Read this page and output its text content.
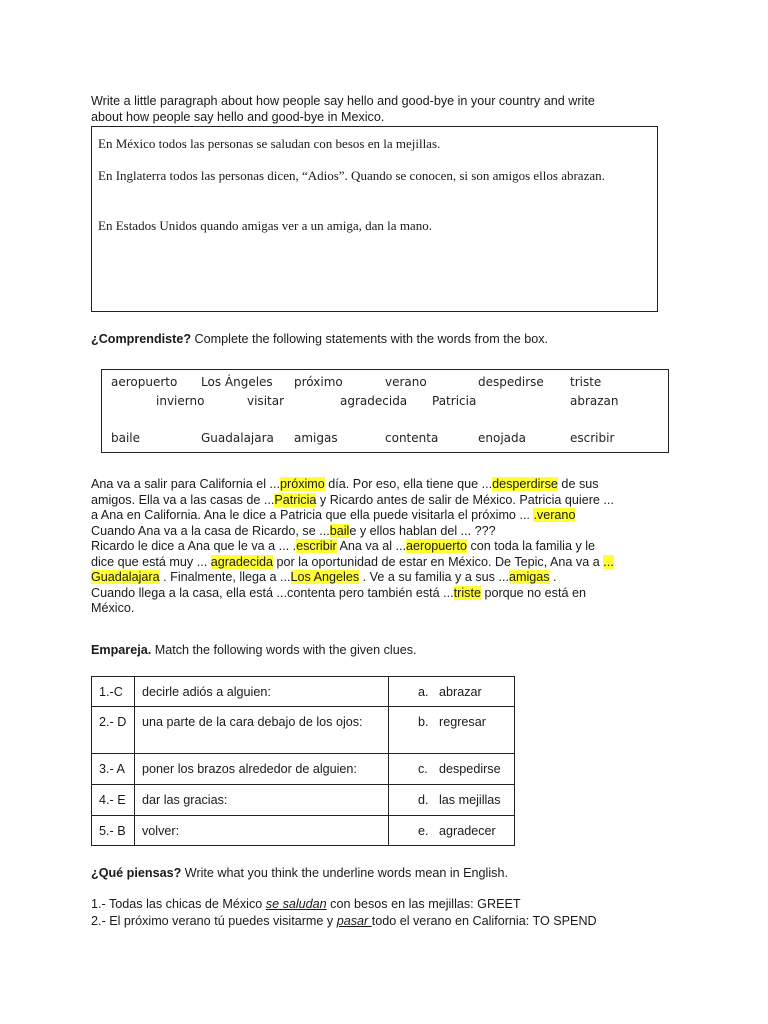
Write a little paragraph about how people say hello and good-bye in your country and write
about how people say hello and good-bye in Mexico.
En México todos las personas se saludan con besos en la mejillas.
En Inglaterra todos las personas dicen, “Adios”. Quando se conocen, si son amigos ellos abrazan.
En Estados Unidos quando amigas ver a un amiga, dan la mano.
¿Comprendiste? Complete the following statements with the words from the box.
aeropuerto Los Ángeles próximo	verano	despedirse triste
invierno	visitar	agradecida Patricia	abrazan
baile	Guadalajara amigas	contenta	enojada	escribir
Ana va a salir para California el ...próximo día. Por eso, ella tiene que ...desperdirse de sus
amigos. Ella va a las casas de ...Patricia y Ricardo antes de salir de México. Patricia quiere ...
a Ana en California. Ana le dice a Patricia que ella puede visitarla el próximo ... .verano
Cuando Ana va a la casa de Ricardo, se ...baile y ellos hablan del ... ???
Ricardo le dice a Ana que le va a ... .escribir Ana va al ...aeropuerto con toda la familia y le
dice que está muy ... agradecida por la oportunidad de estar en México. De Tepic, Ana va a ...
Guadalajara . Finalmente, llega a ...Los Angeles . Ve a su familia y a sus ...amigas .
Cuando llega a la casa, ella está ...contenta pero también está ...triste porque no está en
México.
Empareja. Match the following words with the given clues.
1.-C	decirle adiós a alguien:	a. abrazar

2.- D	una parte de la cara debajo de los ojos:	b. regresar

3.- A	poner los brazos alrededor de alguien:	c. despedirse

4.- E	dar las gracias:	d. las mejillas

5.- B	volver:	e. agradecer
¿Qué piensas? Write what you think the underline words mean in English.
1.- Todas las chicas de México se saludan con besos en las mejillas: GREET
2.- El próximo verano tú puedes visitarme y pasar todo el verano en California: TO SPEND
